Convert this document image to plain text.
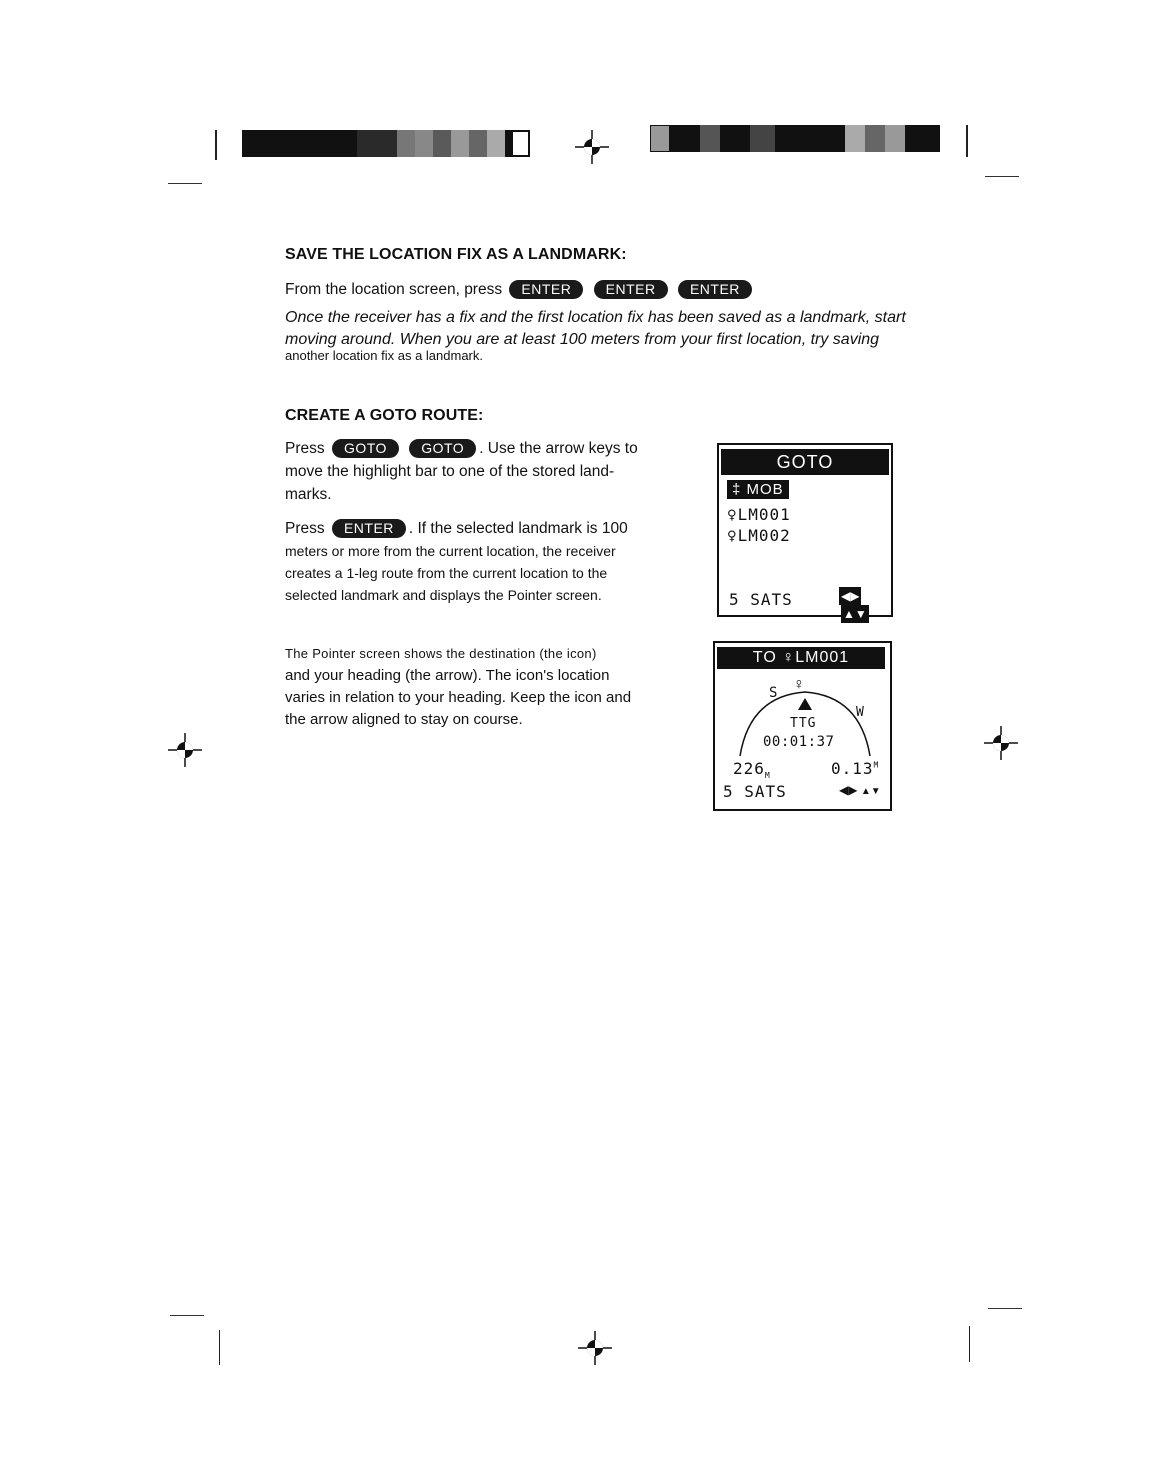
SAVE THE LOCATION FIX AS A LANDMARK:
From the location screen, press ENTER ENTER ENTER
Once the receiver has a fix and the first location fix has been saved as a landmark, start
moving around. When you are at least 100 meters from your first location, try saving
another location fix as a landmark.
CREATE A GOTO ROUTE:
Press GOTO GOTO . Use the arrow keys to
move the highlight bar to one of the stored land-
marks.
Press ENTER . If the selected landmark is 100
meters or more from the current location, the receiver
creates a 1-leg route from the current location to the
selected landmark and displays the Pointer screen.
The Pointer screen shows the destination (the icon)
and your heading (the arrow). The icon's location
varies in relation to your heading. Keep the icon and
the arrow aligned to stay on course.
GOTO
‡ MOB
♀LM001
♀LM002
5 SATS	◀▶▲▼
TO ♀LM001
S ♀
W
TTG
00:01:37
$226_M$	$0.13^M$
5 SATS	◀▶ ▲▼
